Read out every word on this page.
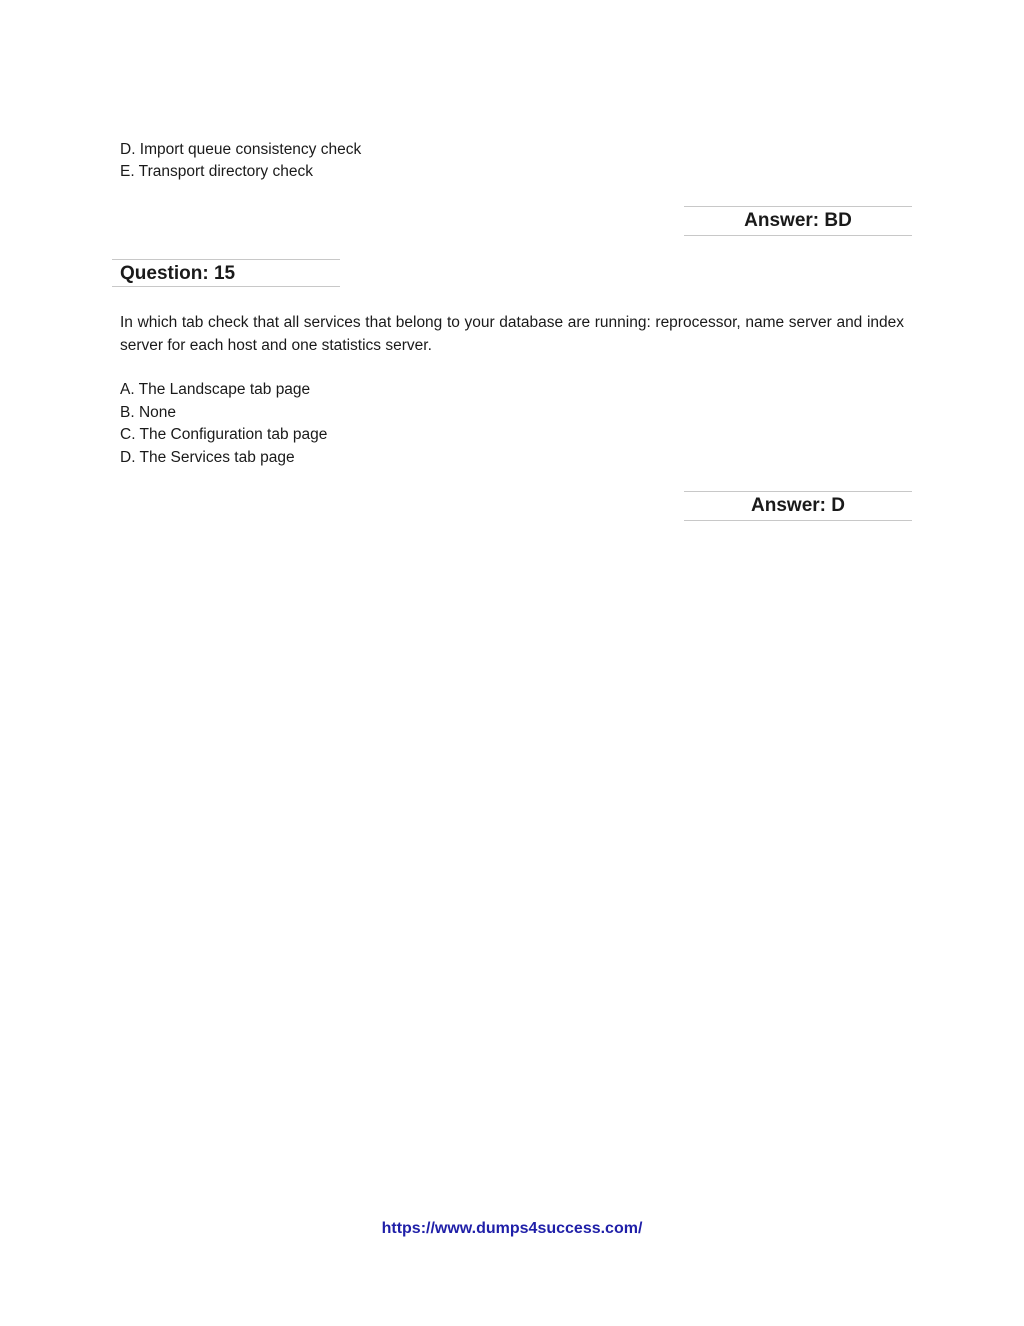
D. Import queue consistency check
E. Transport directory check
Answer: BD
Question: 15
In which tab check that all services that belong to your database are running: reprocessor, name server and index server for each host and one statistics server.
A. The Landscape tab page
B. None
C. The Configuration tab page
D. The Services tab page
Answer: D
https://www.dumps4success.com/
